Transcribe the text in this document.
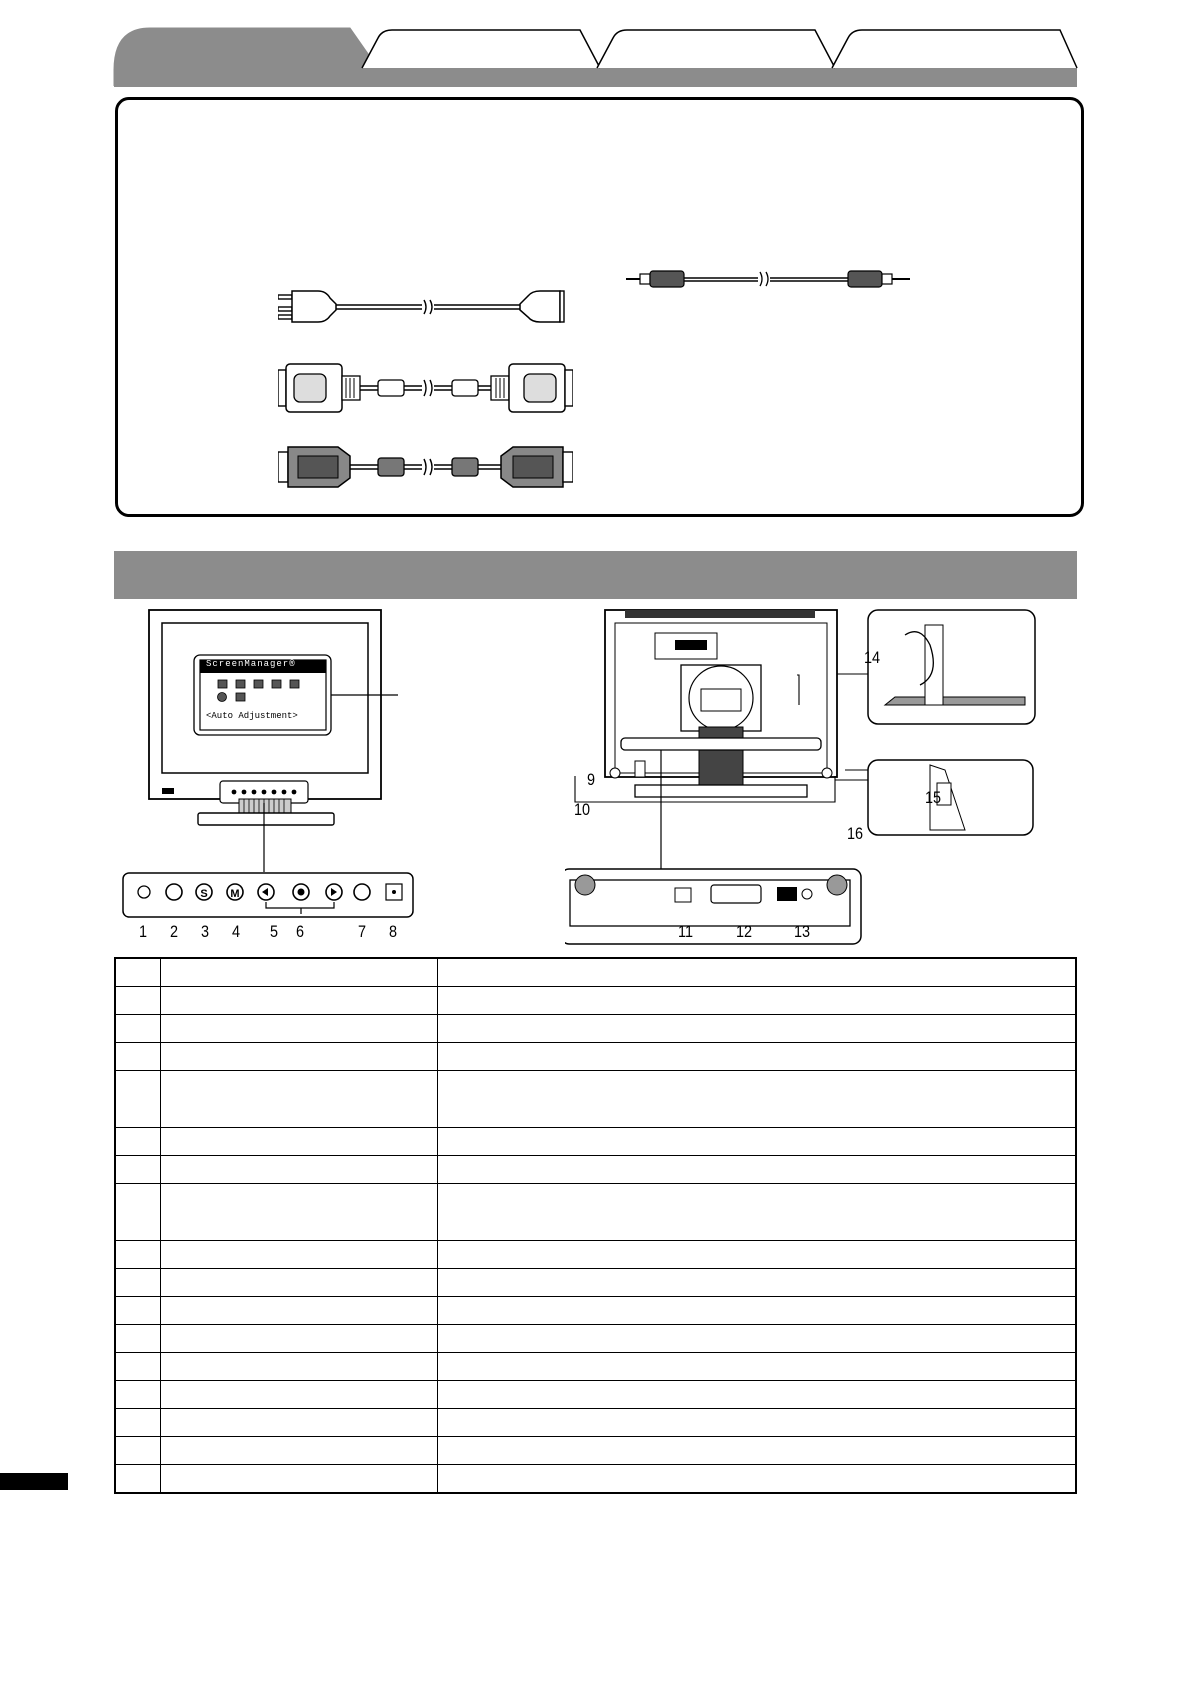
S M
ScreenManager®
<Auto Adjustment>
1 2 3 4 5 6	7 8
9
10
11	12 13
14
15
16
